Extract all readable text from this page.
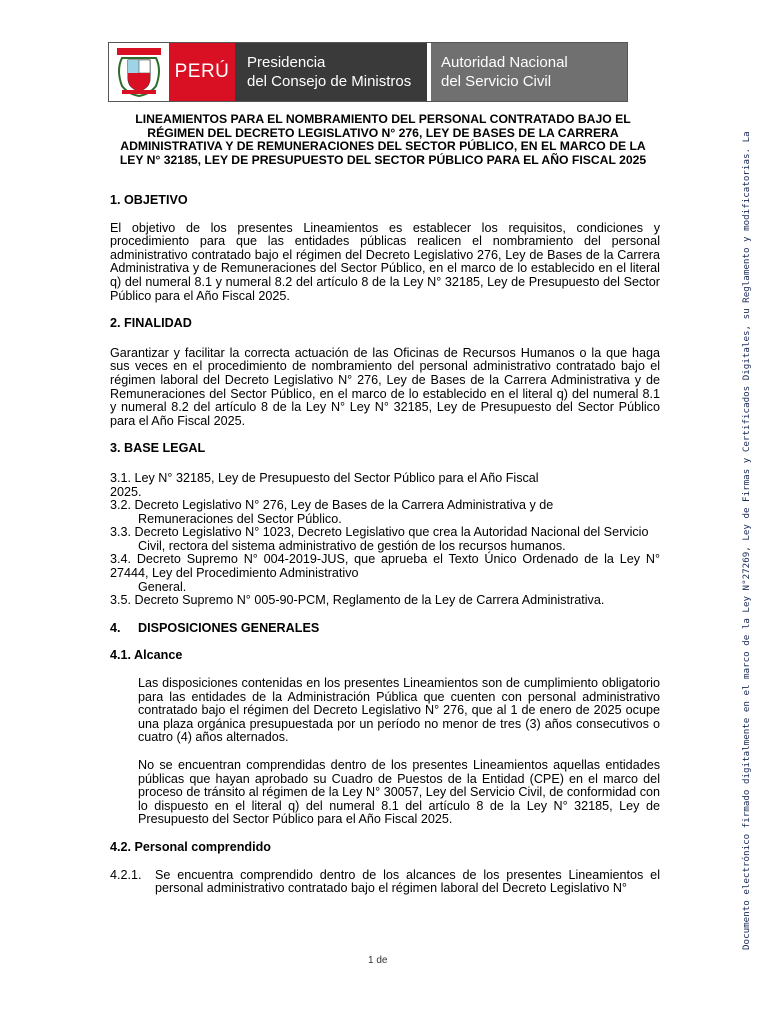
PERÚ	Presidencia
del Consejo de Ministros
Autoridad Nacional
del Servicio Civil
LINEAMIENTOS PARA EL NOMBRAMIENTO DEL PERSONAL CONTRATADO BAJO EL RÉGIMEN DEL DECRETO LEGISLATIVO N° 276, LEY DE BASES DE LA CARRERA ADMINISTRATIVA Y DE REMUNERACIONES DEL SECTOR PÚBLICO, EN EL MARCO DE LA LEY N° 32185, LEY DE PRESUPUESTO DEL SECTOR PÚBLICO PARA EL AÑO FISCAL 2025
1. OBJETIVO

El objetivo de los presentes Lineamientos es establecer los requisitos, condiciones y procedimiento para que las entidades públicas realicen el nombramiento del personal administrativo contratado bajo el régimen del Decreto Legislativo 276, Ley de Bases de la Carrera Administrativa y de Remuneraciones del Sector Público, en el marco de lo establecido en el literal q) del numeral 8.1 y numeral 8.2 del artículo 8 de la Ley N° 32185, Ley de Presupuesto del Sector Público para el Año Fiscal 2025.

2. FINALIDAD

Garantizar y facilitar la correcta actuación de las Oficinas de Recursos Humanos o la que haga sus veces en el procedimiento de nombramiento del personal administrativo contratado bajo el régimen laboral del Decreto Legislativo N° 276, Ley de Bases de la Carrera Administrativa y de Remuneraciones del Sector Público, en el marco de lo establecido en el literal q) del numeral 8.1 y numeral 8.2 del artículo 8 de la Ley N° Ley N° 32185, Ley de Presupuesto del Sector Público para el Año Fiscal 2025.

3. BASE LEGAL

3.1. Ley N° 32185, Ley de Presupuesto del Sector Público para el Año Fiscal

2025.

3.2. Decreto Legislativo N° 276, Ley de Bases de la Carrera Administrativa y de

Remuneraciones del Sector Público.

3.3. Decreto Legislativo N° 1023, Decreto Legislativo que crea la Autoridad Nacional del Servicio

Civil, rectora del sistema administrativo de gestión de los recursos humanos.

3.4. Decreto Supremo N° 004-2019-JUS, que aprueba el Texto Único Ordenado de la Ley N° 27444, Ley del Procedimiento Administrativo

General.

3.5. Decreto Supremo N° 005-90-PCM, Reglamento de la Ley de Carrera Administrativa.

4.	DISPOSICIONES GENERALES
4.1. Alcance

Las disposiciones contenidas en los presentes Lineamientos son de cumplimiento obligatorio para las entidades de la Administración Pública que cuenten con personal administrativo contratado bajo el régimen del Decreto Legislativo N° 276, que al 1 de enero de 2025 ocupe una plaza orgánica presupuestada por un período no menor de tres (3) años consecutivos o cuatro (4) años alternados.

No se encuentran comprendidas dentro de los presentes Lineamientos aquellas entidades públicas que hayan aprobado su Cuadro de Puestos de la Entidad (CPE) en el marco del proceso de tránsito al régimen de la Ley N° 30057, Ley del Servicio Civil, de conformidad con lo dispuesto en el literal q) del numeral 8.1 del artículo 8 de la Ley N° 32185, Ley de Presupuesto del Sector Público para el Año Fiscal 2025.

4.2. Personal comprendido
4.2.1.	Se encuentra comprendido dentro de los alcances de los presentes Lineamientos el personal administrativo contratado bajo el régimen laboral del Decreto Legislativo N°

1 de
Documento electrónico firmado digitalmente en el marco de la Ley N°27269, Ley de Firmas y Certificados Digitales, su Reglamento y modificatorias. La
